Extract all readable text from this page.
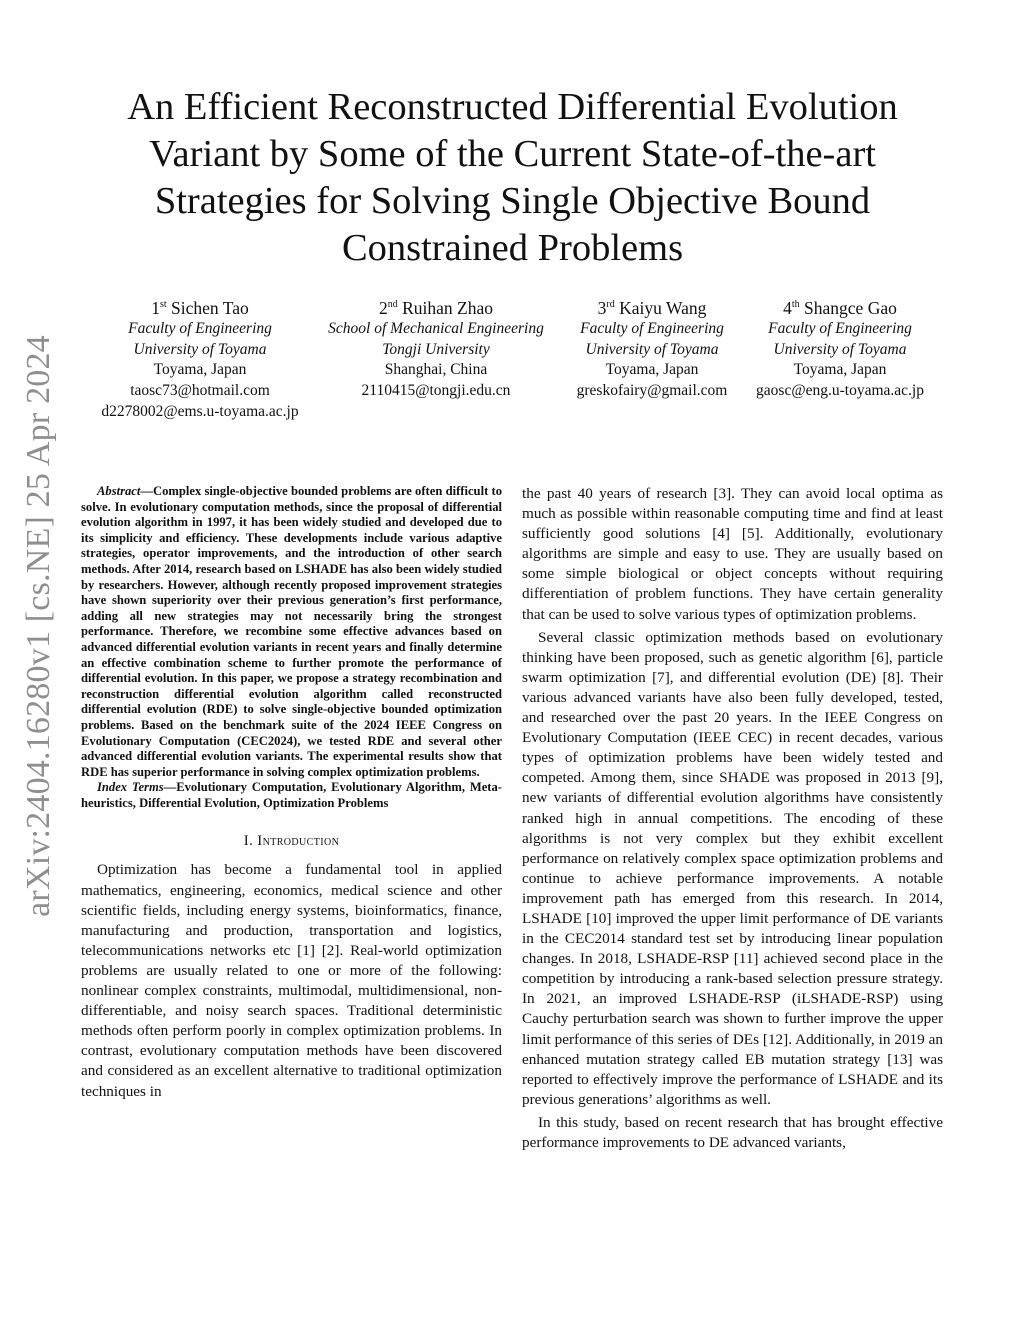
arXiv:2404.16280v1 [cs.NE] 25 Apr 2024
An Efficient Reconstructed Differential Evolution Variant by Some of the Current State-of-the-art Strategies for Solving Single Objective Bound Constrained Problems
1st Sichen Tao
Faculty of Engineering
University of Toyama
Toyama, Japan
taosc73@hotmail.com
d2278002@ems.u-toyama.ac.jp
2nd Ruihan Zhao
School of Mechanical Engineering
Tongji University
Shanghai, China
2110415@tongji.edu.cn
3rd Kaiyu Wang
Faculty of Engineering
University of Toyama
Toyama, Japan
greskofairy@gmail.com
4th Shangce Gao
Faculty of Engineering
University of Toyama
Toyama, Japan
gaosc@eng.u-toyama.ac.jp

Abstract—Complex single-objective bounded problems are often difficult to solve. In evolutionary computation methods, since the proposal of differential evolution algorithm in 1997, it has been widely studied and developed due to its simplicity and efficiency. These developments include various adaptive strategies, operator improvements, and the introduction of other search methods. After 2014, research based on LSHADE has also been widely studied by researchers. However, although recently proposed improvement strategies have shown superiority over their previous generation’s first performance, adding all new strategies may not necessarily bring the strongest performance. Therefore, we recombine some effective advances based on advanced differential evolution variants in recent years and finally determine an effective combination scheme to further promote the performance of differential evolution. In this paper, we propose a strategy recombination and reconstruction differential evolution algorithm called reconstructed differential evolution (RDE) to solve single-objective bounded optimization problems. Based on the benchmark suite of the 2024 IEEE Congress on Evolutionary Computation (CEC2024), we tested RDE and several other advanced differential evolution variants. The experimental results show that RDE has superior performance in solving complex optimization problems.

Index Terms—Evolutionary Computation, Evolutionary Algorithm, Meta-heuristics, Differential Evolution, Optimization Problems

I. Introduction

Optimization has become a fundamental tool in applied mathematics, engineering, economics, medical science and other scientific fields, including energy systems, bioinformatics, finance, manufacturing and production, transportation and logistics, telecommunications networks etc [1] [2]. Real-world optimization problems are usually related to one or more of the following: nonlinear complex constraints, multimodal, multidimensional, non-differentiable, and noisy search spaces. Traditional deterministic methods often perform poorly in complex optimization problems. In contrast, evolutionary computation methods have been discovered and considered as an excellent alternative to traditional optimization techniques in

the past 40 years of research [3]. They can avoid local optima as much as possible within reasonable computing time and find at least sufficiently good solutions [4] [5]. Additionally, evolutionary algorithms are simple and easy to use. They are usually based on some simple biological or object concepts without requiring differentiation of problem functions. They have certain generality that can be used to solve various types of optimization problems.

Several classic optimization methods based on evolutionary thinking have been proposed, such as genetic algorithm [6], particle swarm optimization [7], and differential evolution (DE) [8]. Their various advanced variants have also been fully developed, tested, and researched over the past 20 years. In the IEEE Congress on Evolutionary Computation (IEEE CEC) in recent decades, various types of optimization problems have been widely tested and competed. Among them, since SHADE was proposed in 2013 [9], new variants of differential evolution algorithms have consistently ranked high in annual competitions. The encoding of these algorithms is not very complex but they exhibit excellent performance on relatively complex space optimization problems and continue to achieve performance improvements. A notable improvement path has emerged from this research. In 2014, LSHADE [10] improved the upper limit performance of DE variants in the CEC2014 standard test set by introducing linear population changes. In 2018, LSHADE-RSP [11] achieved second place in the competition by introducing a rank-based selection pressure strategy. In 2021, an improved LSHADE-RSP (iLSHADE-RSP) using Cauchy perturbation search was shown to further improve the upper limit performance of this series of DEs [12]. Additionally, in 2019 an enhanced mutation strategy called EB mutation strategy [13] was reported to effectively improve the performance of LSHADE and its previous generations’ algorithms as well.

In this study, based on recent research that has brought effective performance improvements to DE advanced variants,
